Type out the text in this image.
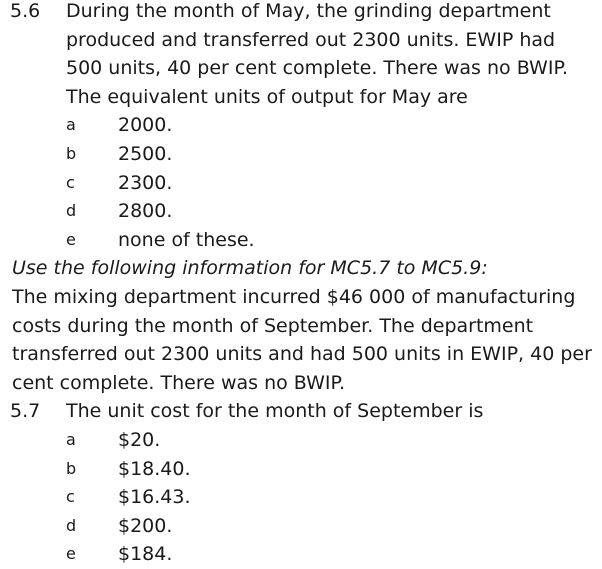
5.6 During the month of May, the grinding department
produced and transferred out 2300 units. EWIP had
500 units, 40 per cent complete. There was no BWIP.
The equivalent units of output for May are
a	2000.
b	2500.
c	2300.
d	2800.
e	none of these.
Use the following information for MC5.7 to MC5.9:
The mixing department incurred $46 000 of manufacturing
costs during the month of September. The department
transferred out 2300 units and had 500 units in EWIP, 40 per
cent complete. There was no BWIP.
5.7 The unit cost for the month of September is
a	$20.
b	$18.40.
c	$16.43.
d	$200.
e	$184.
